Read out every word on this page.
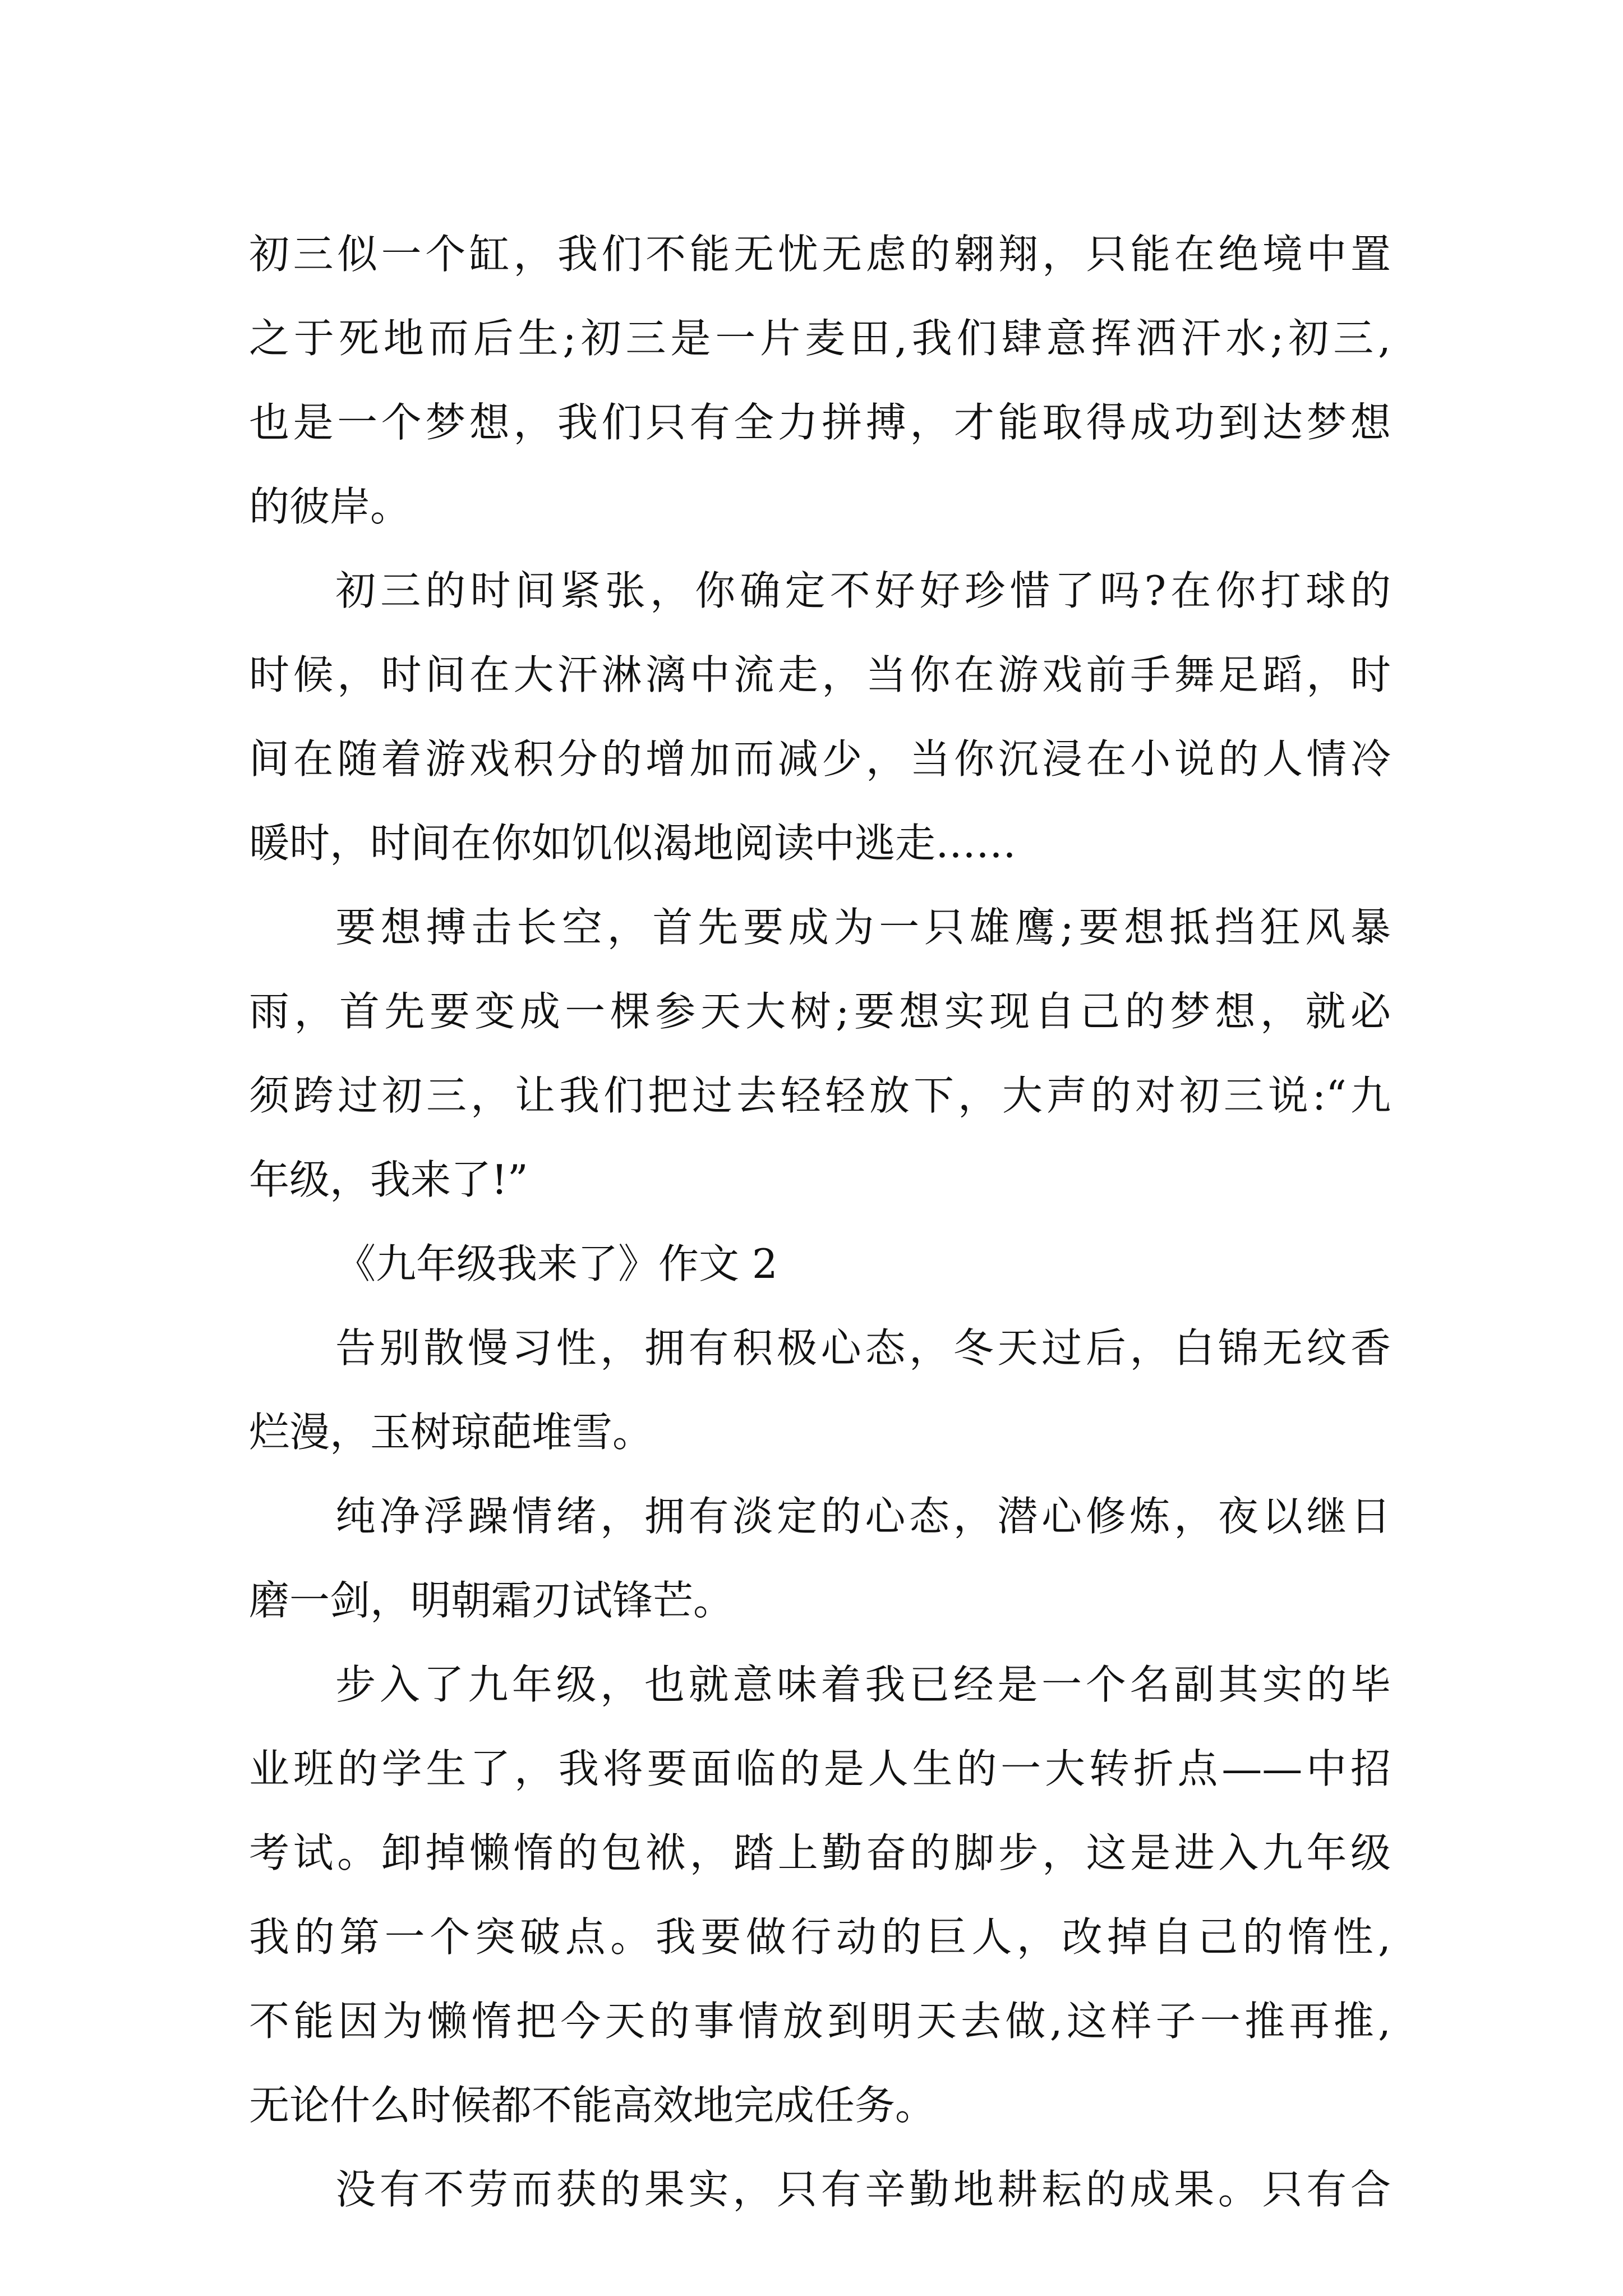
初三似一个缸，我们不能无忧无虑的翱翔，只能在绝境中置
之于死地而后生;初三是一片麦田,我们肆意挥洒汗水;初三,
也是一个梦想，我们只有全力拼搏，才能取得成功到达梦想
的彼岸。
初三的时间紧张，你确定不好好珍惜了吗?在你打球的
时候，时间在大汗淋漓中流走，当你在游戏前手舞足蹈，时
间在随着游戏积分的增加而减少，当你沉浸在小说的人情冷
暖时，时间在你如饥似渴地阅读中逃走……
要想搏击长空，首先要成为一只雄鹰;要想抵挡狂风暴
雨，首先要变成一棵参天大树;要想实现自己的梦想，就必
须跨过初三，让我们把过去轻轻放下，大声的对初三说:“九
年级，我来了!”
《九年级我来了》作文 2
告别散慢习性，拥有积极心态，冬天过后，白锦无纹香
烂漫，玉树琼葩堆雪。
纯净浮躁情绪，拥有淡定的心态，潜心修炼，夜以继日
磨一剑，明朝霜刃试锋芒。
步入了九年级，也就意味着我已经是一个名副其实的毕
业班的学生了，我将要面临的是人生的一大转折点——中招
考试。卸掉懒惰的包袱，踏上勤奋的脚步，这是进入九年级
我的第一个突破点。我要做行动的巨人，改掉自己的惰性,
不能因为懒惰把今天的事情放到明天去做,这样子一推再推,
无论什么时候都不能高效地完成任务。
没有不劳而获的果实，只有辛勤地耕耘的成果。只有合
